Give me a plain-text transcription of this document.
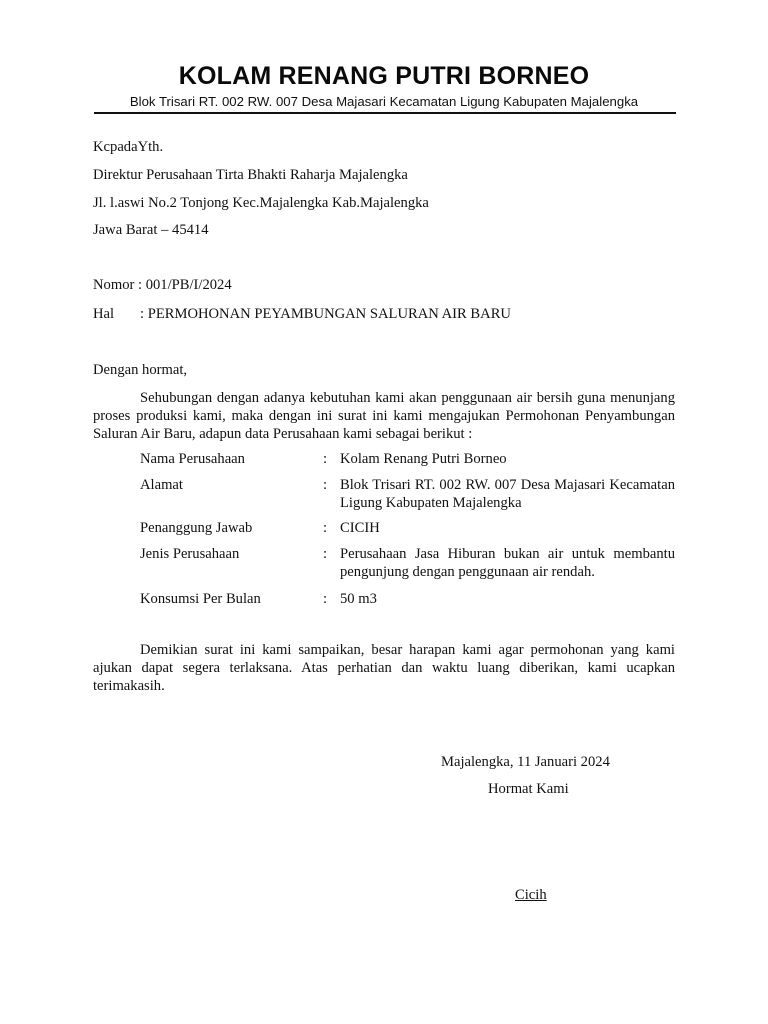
KOLAM RENANG PUTRI BORNEO
Blok Trisari RT. 002 RW. 007 Desa Majasari Kecamatan Ligung Kabupaten Majalengka
KcpadaYth.
Direktur Perusahaan Tirta Bhakti Raharja Majalengka
Jl. l.aswi No.2 Tonjong Kec.Majalengka Kab.Majalengka
Jawa Barat – 45414
Nomor : 001/PB/I/2024
Hal : PERMOHONAN PEYAMBUNGAN SALURAN AIR BARU
Dengan hormat,
Sehubungan dengan adanya kebutuhan kami akan penggunaan air bersih guna menunjang proses produksi kami, maka dengan ini surat ini kami mengajukan Permohonan Penyambungan Saluran Air Baru, adapun data Perusahaan kami sebagai berikut :
Nama Perusahaan	: Kolam Renang Putri Borneo
Alamat	: Blok Trisari RT. 002 RW. 007 Desa Majasari Kecamatan Ligung Kabupaten Majalengka
Penanggung Jawab	: CICIH
Jenis Perusahaan	: Perusahaan Jasa Hiburan bukan air untuk membantu pengunjung dengan penggunaan air rendah.
Konsumsi Per Bulan	: 50 m3
Demikian surat ini kami sampaikan, besar harapan kami agar permohonan yang kami ajukan dapat segera terlaksana. Atas perhatian dan waktu luang diberikan, kami ucapkan terimakasih.
Majalengka, 11 Januari 2024
Hormat Kami
Cicih
